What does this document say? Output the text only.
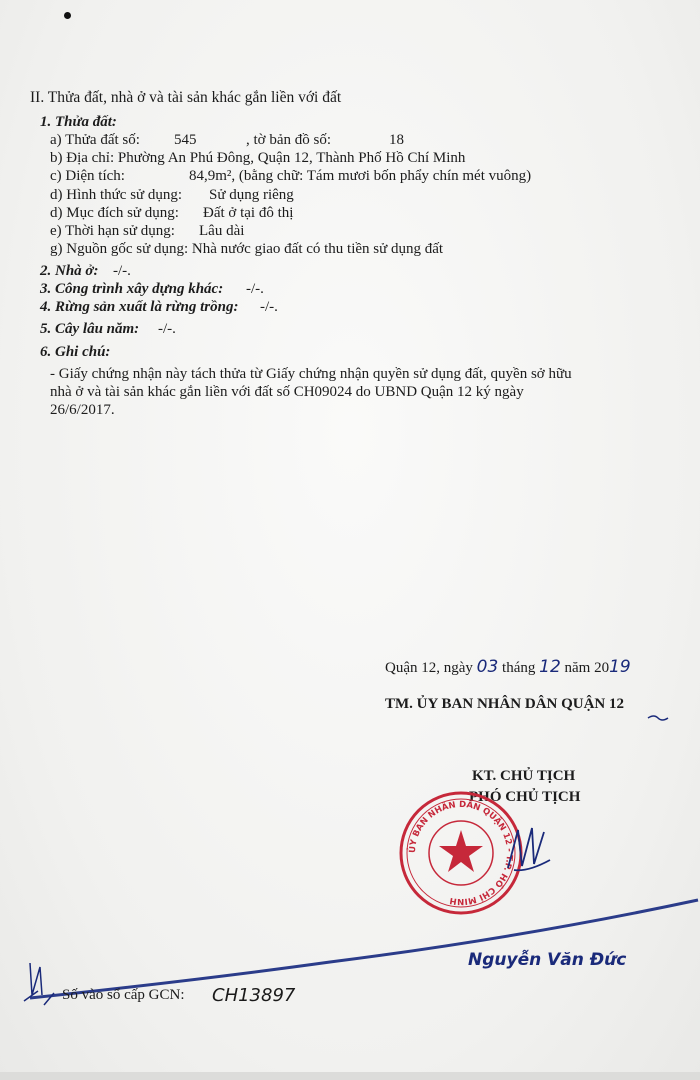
II. Thửa đất, nhà ở và tài sản khác gắn liền với đất
1. Thửa đất:
a) Thửa đất số: 545	, tờ bản đồ số:	18
b) Địa chỉ: Phường An Phú Đông, Quận 12, Thành Phố Hồ Chí Minh
c) Diện tích:	84,9m², (bằng chữ: Tám mươi bốn phẩy chín mét vuông)
d) Hình thức sử dụng: Sử dụng riêng
d) Mục đích sử dụng: Đất ở tại đô thị
e) Thời hạn sử dụng: Lâu dài
g) Nguồn gốc sử dụng: Nhà nước giao đất có thu tiền sử dụng đất
2. Nhà ở: -/-.
3. Công trình xây dựng khác: -/-.
4. Rừng sản xuất là rừng trồng: -/-.
5. Cây lâu năm: -/-.
6. Ghi chú:
- Giấy chứng nhận này tách thửa từ Giấy chứng nhận quyền sử dụng đất, quyền sở hữu
nhà ở và tài sản khác gắn liền với đất số CH09024 do UBND Quận 12 ký ngày
26/6/2017.
Quận 12, ngày 03 tháng 12 năm 2019
TM. ỦY BAN NHÂN DÂN QUẬN 12
KT. CHỦ TỊCH
PHÓ CHỦ TỊCH
ỦY BAN NHÂN DÂN QUẬN 12 - T.P. HỒ CHÍ MINH
Nguyễn Văn Đức
Số vào sổ cấp GCN: CH13897
